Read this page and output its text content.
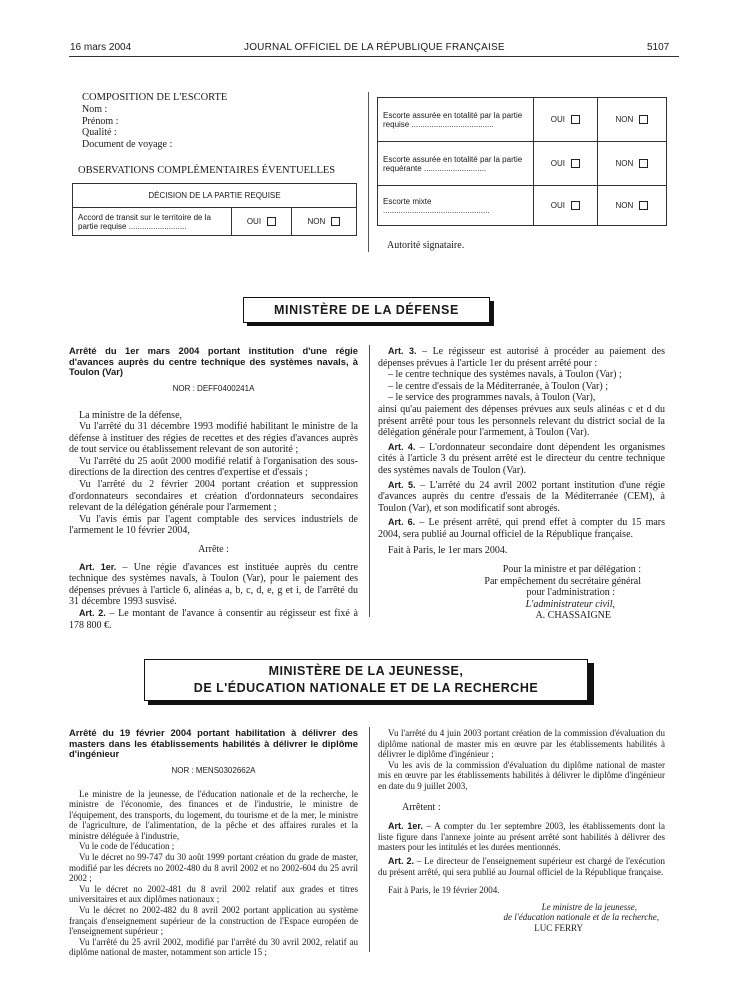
16 mars 2004	JOURNAL OFFICIEL DE LA RÉPUBLIQUE FRANÇAISE	5107
COMPOSITION DE L'ESCORTE
Nom :
Prénom :
Qualité :
Document de voyage :
OBSERVATIONS COMPLÉMENTAIRES ÉVENTUELLES
DÉCISION DE LA PARTIE REQUISE
Accord de transit sur le territoire de la partie requise ..........................	OUI	NON
Escorte assurée en totalité par la partie requise .....................................	OUI	NON
Escorte assurée en totalité par la partie requérante ............................	OUI	NON
Escorte mixte ................................................	OUI	NON
Autorité signataire.
MINISTÈRE DE LA DÉFENSE
Arrêté du 1er mars 2004 portant institution d'une régie d'avances auprès du centre technique des systèmes navals, à Toulon (Var)
NOR : DEFF0400241A

La ministre de la défense,

Vu l'arrêté du 31 décembre 1993 modifié habilitant le ministre de la défense à instituer des régies de recettes et des régies d'avances auprès de tout service ou établissement relevant de son autorité ;

Vu l'arrêté du 25 août 2000 modifié relatif à l'organisation des sous-directions de la direction des centres d'expertise et d'essais ;

Vu l'arrêté du 2 février 2004 portant création et suppression d'ordonnateurs secondaires et création d'ordonnateurs secondaires relevant de la délégation générale pour l'armement ;

Vu l'avis émis par l'agent comptable des services industriels de l'armement le 10 février 2004,

Arrête :

Art. 1er. – Une régie d'avances est instituée auprès du centre technique des systèmes navals, à Toulon (Var), pour le paiement des dépenses prévues à l'article 6, alinéas a, b, c, d, e, g et i, de l'arrêté du 31 décembre 1993 susvisé.

Art. 2. – Le montant de l'avance à consentir au régisseur est fixé à 178 800 €.

Art. 3. – Le régisseur est autorisé à procéder au paiement des dépenses prévues à l'article 1er du présent arrêté pour :

– le centre technique des systèmes navals, à Toulon (Var) ;
– le centre d'essais de la Méditerranée, à Toulon (Var) ;
– le service des programmes navals, à Toulon (Var),

ainsi qu'au paiement des dépenses prévues aux seuls alinéas c et d du présent arrêté pour tous les personnels relevant du district social de la délégation générale pour l'armement, à Toulon (Var).

Art. 4. – L'ordonnateur secondaire dont dépendent les organismes cités à l'article 3 du présent arrêté est le directeur du centre technique des systèmes navals de Toulon (Var).

Art. 5. – L'arrêté du 24 avril 2002 portant institution d'une régie d'avances auprès du centre d'essais de la Méditerranée (CEM), à Toulon (Var), et son modificatif sont abrogés.

Art. 6. – Le présent arrêté, qui prend effet à compter du 15 mars 2004, sera publié au Journal officiel de la République française.

Fait à Paris, le 1er mars 2004.

Pour la ministre et par délégation :
Par empêchement du secrétaire général
pour l'administration :
L'administrateur civil,
A. CHASSAIGNE
MINISTÈRE DE LA JEUNESSE,
DE L'ÉDUCATION NATIONALE ET DE LA RECHERCHE
Arrêté du 19 février 2004 portant habilitation à délivrer des masters dans les établissements habilités à délivrer le diplôme d'ingénieur
NOR : MENS0302662A

Le ministre de la jeunesse, de l'éducation nationale et de la recherche, le ministre de l'économie, des finances et de l'industrie, le ministre de l'équipement, des transports, du logement, du tourisme et de la mer, le ministre de l'agriculture, de l'alimentation, de la pêche et des affaires rurales et la ministre déléguée à l'industrie,

Vu le code de l'éducation ;

Vu le décret no 99-747 du 30 août 1999 portant création du grade de master, modifié par les décrets no 2002-480 du 8 avril 2002 et no 2002-604 du 25 avril 2002 ;

Vu le décret no 2002-481 du 8 avril 2002 relatif aux grades et titres universitaires et aux diplômes nationaux ;

Vu le décret no 2002-482 du 8 avril 2002 portant application au système français d'enseignement supérieur de la construction de l'Espace européen de l'enseignement supérieur ;

Vu l'arrêté du 25 avril 2002, modifié par l'arrêté du 30 avril 2002, relatif au diplôme national de master, notamment son article 15 ;

Vu l'arrêté du 4 juin 2003 portant création de la commission d'évaluation du diplôme national de master mis en œuvre par les établissements habilités à délivrer le diplôme d'ingénieur ;

Vu les avis de la commission d'évaluation du diplôme national de master mis en œuvre par les établissements habilités à délivrer le diplôme d'ingénieur en date du 9 juillet 2003,

Arrêtent :

Art. 1er. – A compter du 1er septembre 2003, les établissements dont la liste figure dans l'annexe jointe au présent arrêté sont habilités à délivrer des masters pour les intitulés et les durées mentionnés.

Art. 2. – Le directeur de l'enseignement supérieur est chargé de l'exécution du présent arrêté, qui sera publié au Journal officiel de la République française.

Fait à Paris, le 19 février 2004.

Le ministre de la jeunesse,
de l'éducation nationale et de la recherche,
LUC FERRY
